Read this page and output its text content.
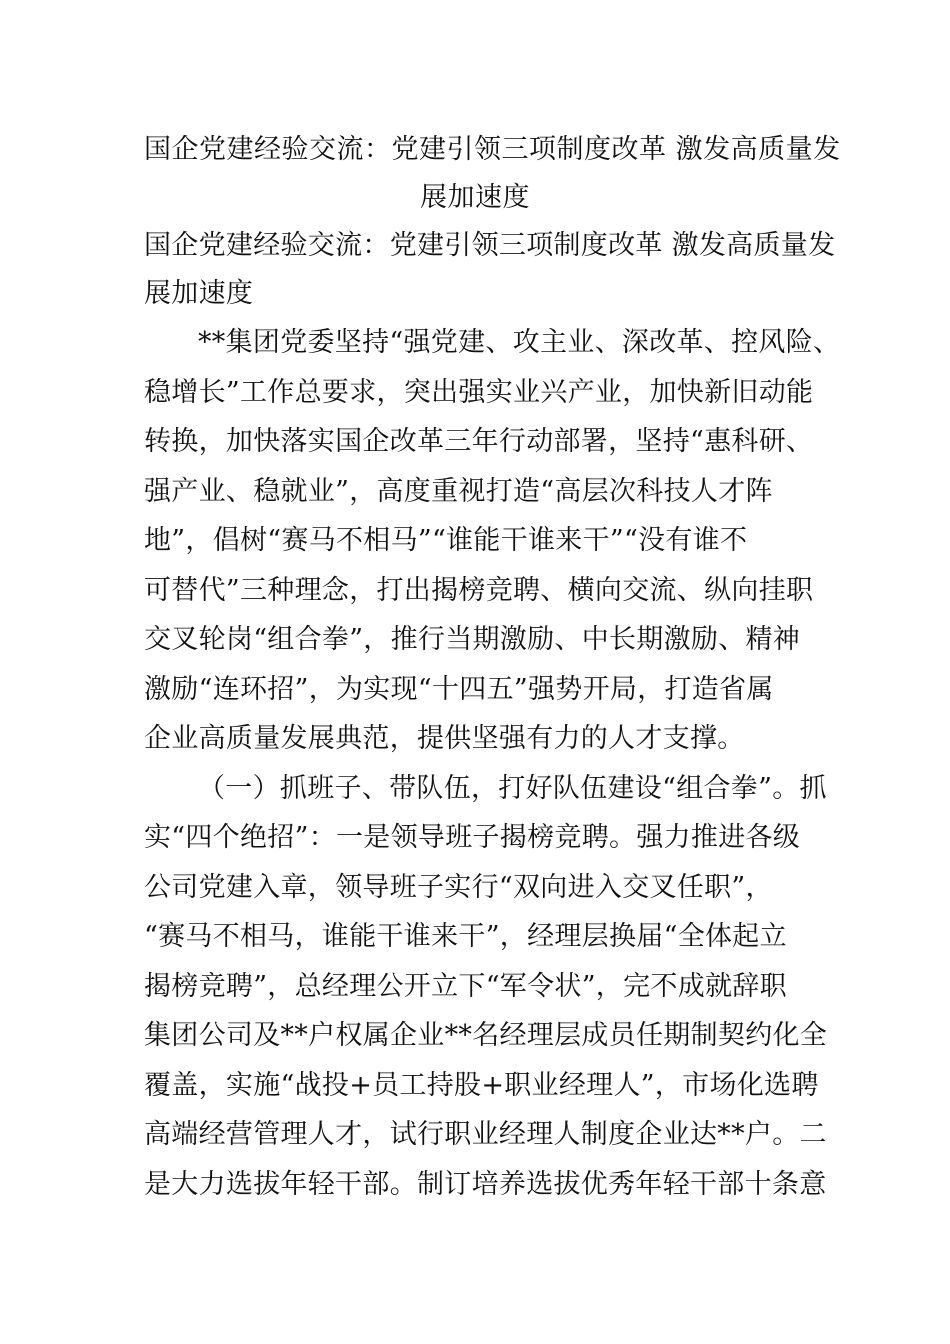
国企党建经验交流：党建引领三项制度改革 激发高质量发
展加速度
国企党建经验交流：党建引领三项制度改革 激发高质量发
展加速度

**集团党委坚持“强党建、攻主业、深改革、控风险、
稳增长”工作总要求，突出强实业兴产业，加快新旧动能
转换，加快落实国企改革三年行动部署，坚持“惠科研、
强产业、稳就业”，高度重视打造“高层次科技人才阵
地”，倡树“赛马不相马”“谁能干谁来干”“没有谁不
可替代”三种理念，打出揭榜竞聘、横向交流、纵向挂职
交叉轮岗“组合拳”，推行当期激励、中长期激励、精神
激励“连环招”，为实现“十四五”强势开局，打造省属
企业高质量发展典范，提供坚强有力的人才支撑。

（一）抓班子、带队伍，打好队伍建设“组合拳”。抓
实“四个绝招”：一是领导班子揭榜竞聘。强力推进各级
公司党建入章，领导班子实行“双向进入交叉任职”，
“赛马不相马，谁能干谁来干”，经理层换届“全体起立
揭榜竞聘”，总经理公开立下“军令状”，完不成就辞职
集团公司及**户权属企业**名经理层成员任期制契约化全
覆盖，实施“战投+员工持股+职业经理人”，市场化选聘
高端经营管理人才，试行职业经理人制度企业达**户。二
是大力选拔年轻干部。制订培养选拔优秀年轻干部十条意
